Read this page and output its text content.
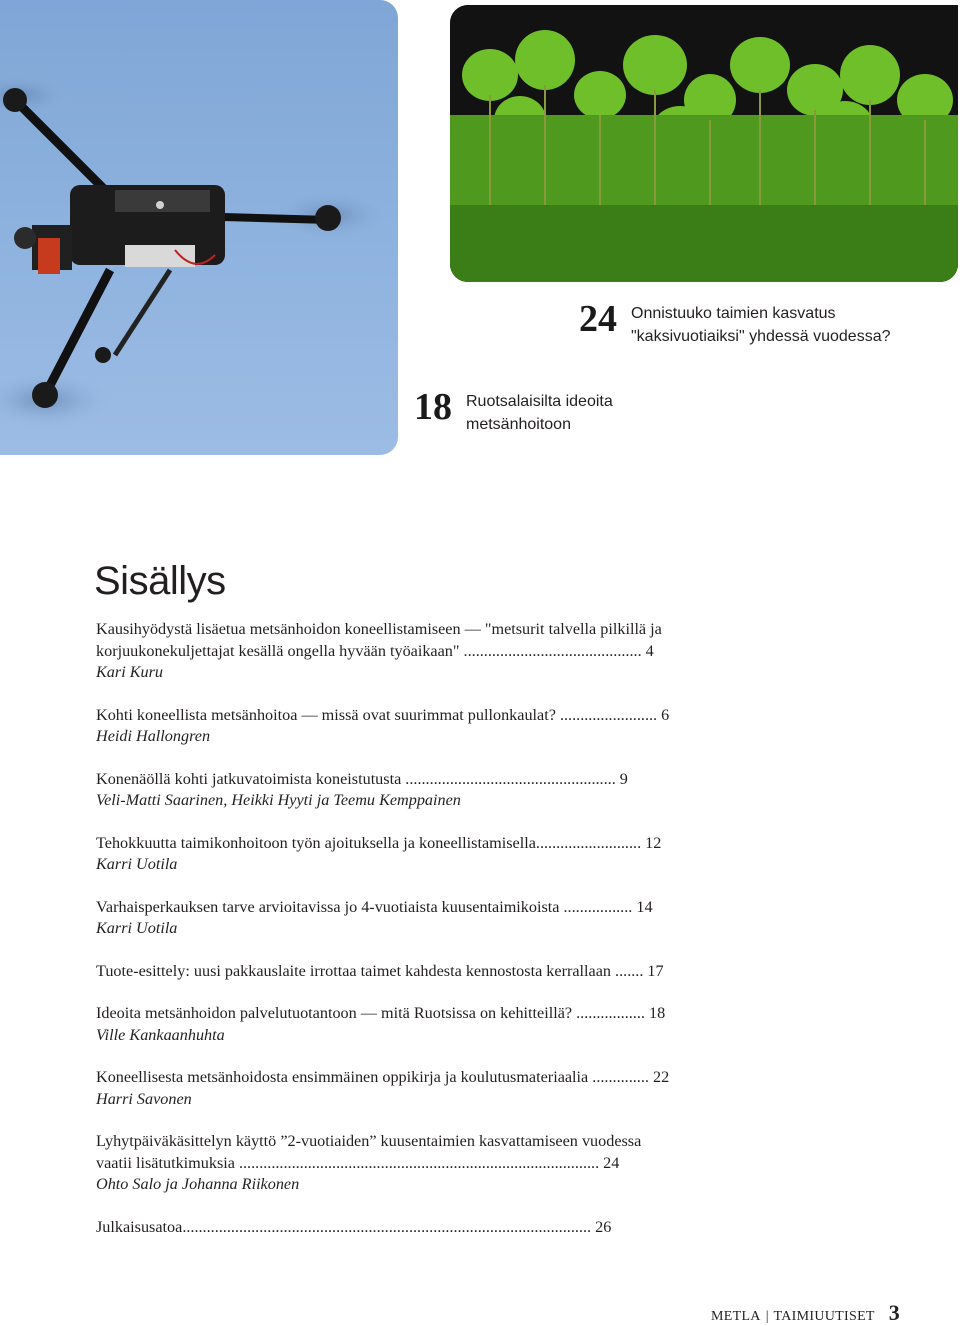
24 Onnistuuko taimien kasvatus
"kaksivuotiaiksi" yhdessä vuodessa?
18 Ruotsalaisilta ideoita
metsänhoitoon
Sisällys
Kausihyödystä lisäetua metsänhoidon koneellistamiseen — "metsurit talvella pilkillä ja
korjuukonekuljettajat kesällä ongella hyvään työaikaan" ............................................ 4
Kari Kuru
Kohti koneellista metsänhoitoa — missä ovat suurimmat pullonkaulat? ........................ 6
Heidi Hallongren
Konenäöllä kohti jatkuvatoimista koneistutusta .................................................... 9
Veli-Matti Saarinen, Heikki Hyyti ja Teemu Kemppainen
Tehokkuutta taimikonhoitoon työn ajoituksella ja koneellistamisella.......................... 12
Karri Uotila
Varhaisperkauksen tarve arvioitavissa jo 4-vuotiaista kuusentaimikoista ................. 14
Karri Uotila
Tuote-esittely: uusi pakkauslaite irrottaa taimet kahdesta kennostosta kerrallaan ....... 17
Ideoita metsänhoidon palvelutuotantoon — mitä Ruotsissa on kehitteillä? ................. 18
Ville Kankaanhuhta
Koneellisesta metsänhoidosta ensimmäinen oppikirja ja koulutusmateriaalia .............. 22
Harri Savonen
Lyhytpäiväkäsittelyn käyttö ”2-vuotiaiden” kuusentaimien kasvattamiseen vuodessa
vaatii lisätutkimuksia ......................................................................................... 24
Ohto Salo ja Johanna Riikonen
Julkaisusatoa..................................................................................................... 26
METLA | TAIMIUUTISET 3
